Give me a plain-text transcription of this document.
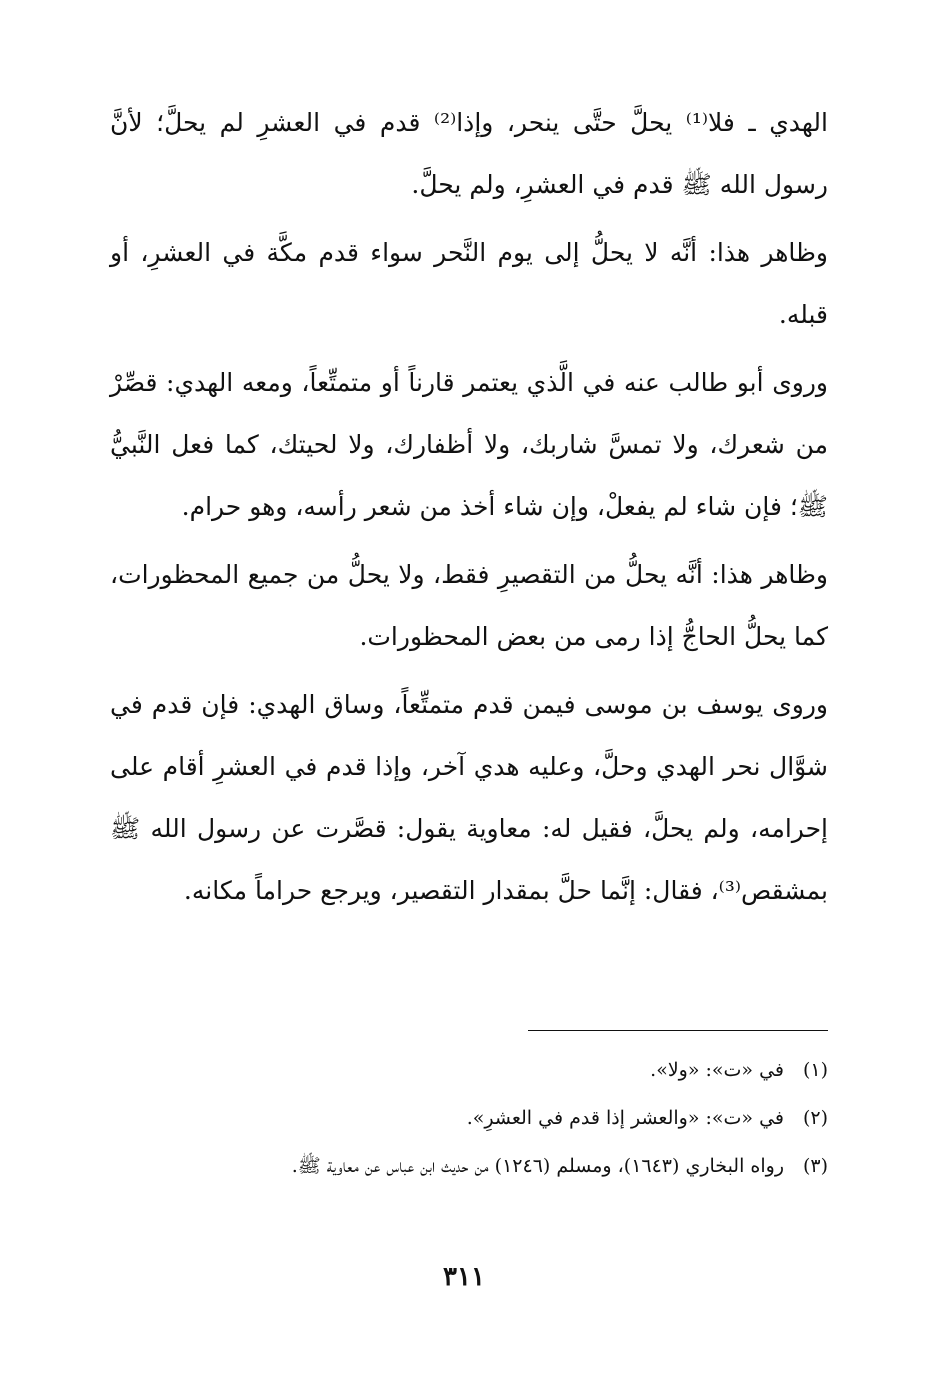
الهدي ـ فلا⁽¹⁾ يحلَّ حتَّى ينحر، وإذا⁽²⁾ قدم في العشرِ لم يحلَّ؛ لأنَّ رسول الله ﷺ قدم في العشرِ، ولم يحلَّ.

وظاهر هذا: أنَّه لا يحلُّ إلى يوم النَّحر سواء قدم مكَّة في العشرِ، أو قبله.

وروى أبو طالب عنه في الَّذي يعتمر قارناً أو متمتِّعاً، ومعه الهدي: قصِّرْ من شعرك، ولا تمسَّ شاربك، ولا أظفارك، ولا لحيتك، كما فعل النَّبيُّ ﷺ؛ فإن شاء لم يفعلْ، وإن شاء أخذ من شعر رأسه، وهو حرام.

وظاهر هذا: أنَّه يحلُّ من التقصيرِ فقط، ولا يحلُّ من جميع المحظورات، كما يحلُّ الحاجُّ إذا رمى من بعض المحظورات.

وروى يوسف بن موسى فيمن قدم متمتِّعاً، وساق الهدي: فإن قدم في شوَّال نحر الهدي وحلَّ، وعليه هدي آخر، وإذا قدم في العشرِ أقام على إحرامه، ولم يحلَّ، فقيل له: معاوية يقول: قصَّرت عن رسول الله ﷺ بمشقص⁽³⁾، فقال: إنَّما حلَّ بمقدار التقصير، ويرجع حراماً مكانه.

(١)
في «ت»: «ولا».
(٢)
في «ت»: «والعشر إذا قدم في العشرِ».
(٣)
رواه البخاري (١٦٤٣)، ومسلم (١٢٤٦) من حديث ابن عباس عن معاوية ﷺ.
٣١١
